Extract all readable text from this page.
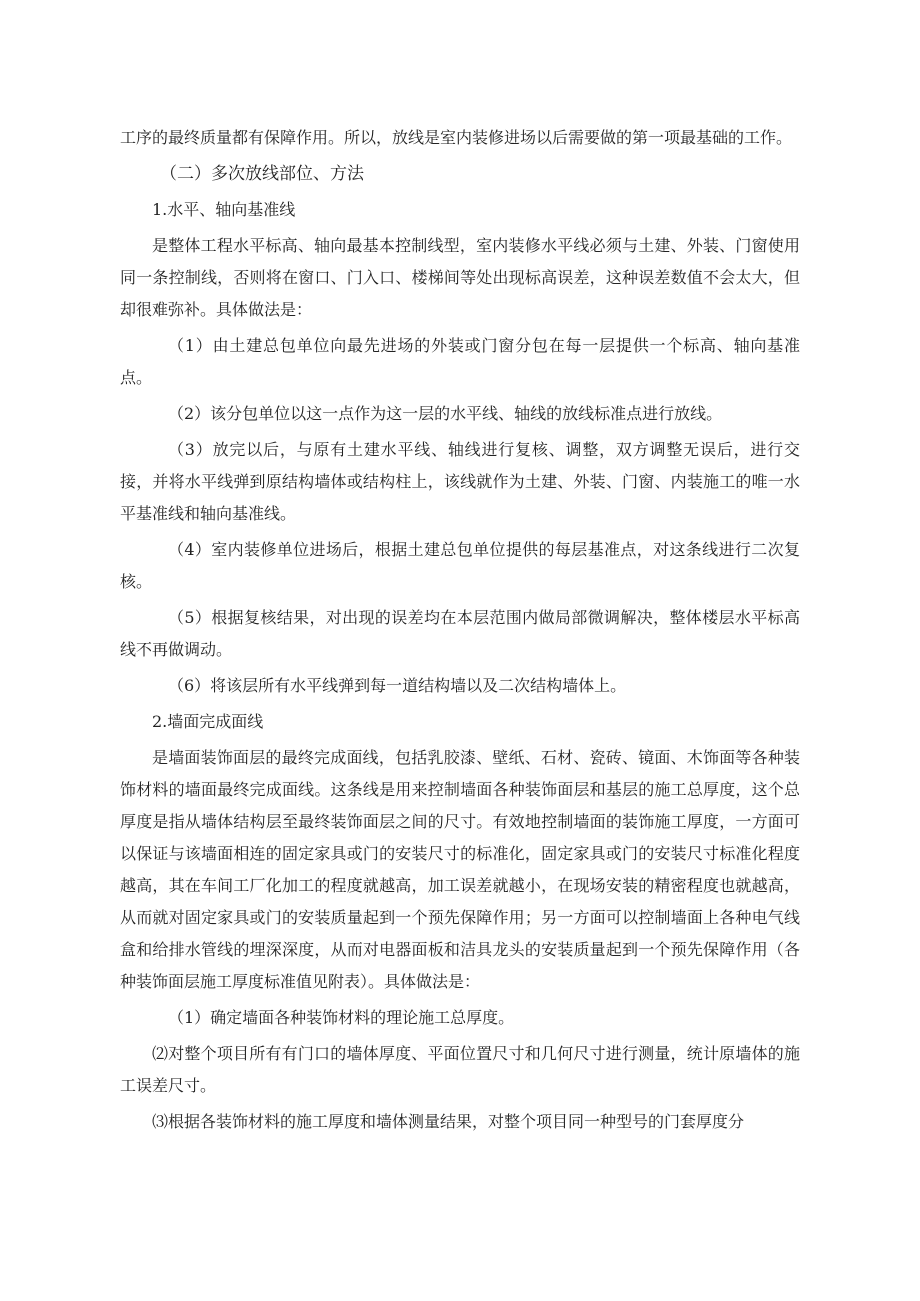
工序的最终质量都有保障作用。所以，放线是室内装修进场以后需要做的第一项最基础的工作。

（二）多次放线部位、方法

1.水平、轴向基准线

是整体工程水平标高、轴向最基本控制线型，室内装修水平线必须与土建、外装、门窗使用同一条控制线，否则将在窗口、门入口、楼梯间等处出现标高误差，这种误差数值不会太大，但却很难弥补。具体做法是：

（1）由土建总包单位向最先进场的外装或门窗分包在每一层提供一个标高、轴向基准点。

（2）该分包单位以这一点作为这一层的水平线、轴线的放线标准点进行放线。

（3）放完以后，与原有土建水平线、轴线进行复核、调整，双方调整无误后，进行交接，并将水平线弹到原结构墙体或结构柱上，该线就作为土建、外装、门窗、内装施工的唯一水平基准线和轴向基准线。

（4）室内装修单位进场后，根据土建总包单位提供的每层基准点，对这条线进行二次复核。

（5）根据复核结果，对出现的误差均在本层范围内做局部微调解决，整体楼层水平标高线不再做调动。

（6）将该层所有水平线弹到每一道结构墙以及二次结构墙体上。

2.墙面完成面线

是墙面装饰面层的最终完成面线，包括乳胶漆、壁纸、石材、瓷砖、镜面、木饰面等各种装饰材料的墙面最终完成面线。这条线是用来控制墙面各种装饰面层和基层的施工总厚度，这个总厚度是指从墙体结构层至最终装饰面层之间的尺寸。有效地控制墙面的装饰施工厚度，一方面可以保证与该墙面相连的固定家具或门的安装尺寸的标准化，固定家具或门的安装尺寸标准化程度越高，其在车间工厂化加工的程度就越高，加工误差就越小，在现场安装的精密程度也就越高，从而就对固定家具或门的安装质量起到一个预先保障作用；另一方面可以控制墙面上各种电气线盒和给排水管线的埋深深度，从而对电器面板和洁具龙头的安装质量起到一个预先保障作用（各种装饰面层施工厚度标准值见附表）。具体做法是：

（1）确定墙面各种装饰材料的理论施工总厚度。

⑵对整个项目所有有门口的墙体厚度、平面位置尺寸和几何尺寸进行测量，统计原墙体的施工误差尺寸。

⑶根据各装饰材料的施工厚度和墙体测量结果，对整个项目同一种型号的门套厚度分
